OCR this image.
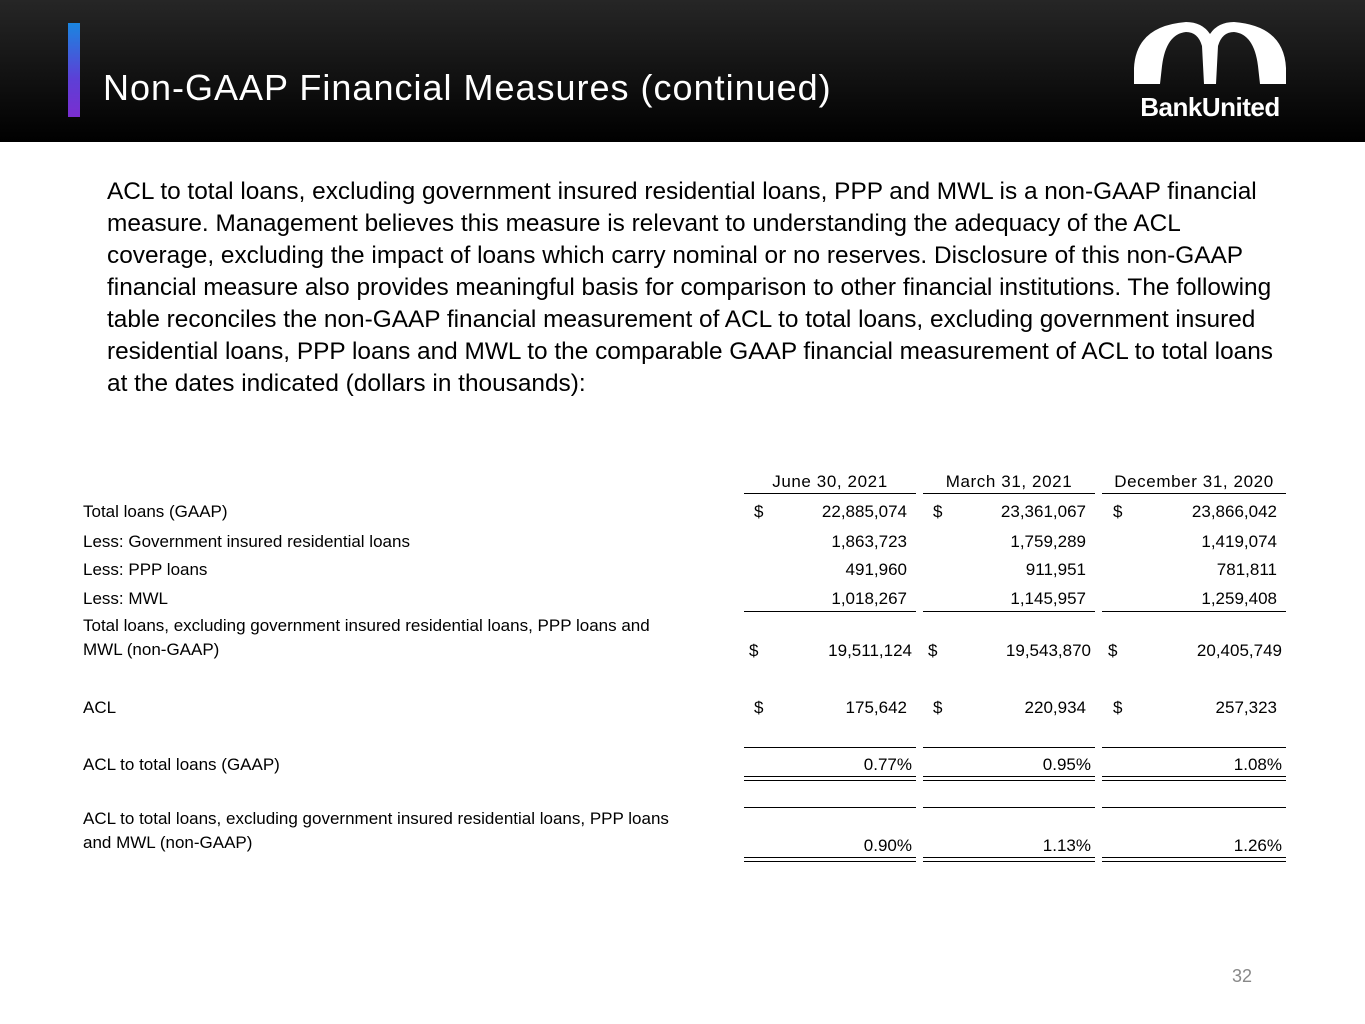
Non-GAAP Financial Measures (continued)	BankUnited
ACL to total loans, excluding government insured residential loans, PPP and MWL is a non-GAAP financial measure. Management believes this measure is relevant to understanding the adequacy of the ACL coverage, excluding the impact of loans which carry nominal or no reserves. Disclosure of this non-GAAP financial measure also provides meaningful basis for comparison to other financial institutions. The following table reconciles the non-GAAP financial measurement of ACL to total loans, excluding government insured residential loans, PPP loans and MWL to the comparable GAAP financial measurement of ACL to total loans at the dates indicated (dollars in thousands):
June 30, 2021	March 31, 2021	December 31, 2020
Total loans (GAAP)	$	22,885,074 $	23,361,067 $	23,866,042
Less: Government insured residential loans	1,863,723	1,759,289	1,419,074
Less: PPP loans	491,960	911,951	781,811
Less: MWL	1,018,267	1,145,957	1,259,408
Total loans, excluding government insured residential loans, PPP loans and
MWL (non-GAAP)	$	19,511,124 $	19,543,870 $	20,405,749
ACL	$	175,642 $	220,934 $	257,323
ACL to total loans (GAAP)	0.77%	0.95%	1.08%
ACL to total loans, excluding government insured residential loans, PPP loans
and MWL (non-GAAP)	0.90%	1.13%	1.26%
32
